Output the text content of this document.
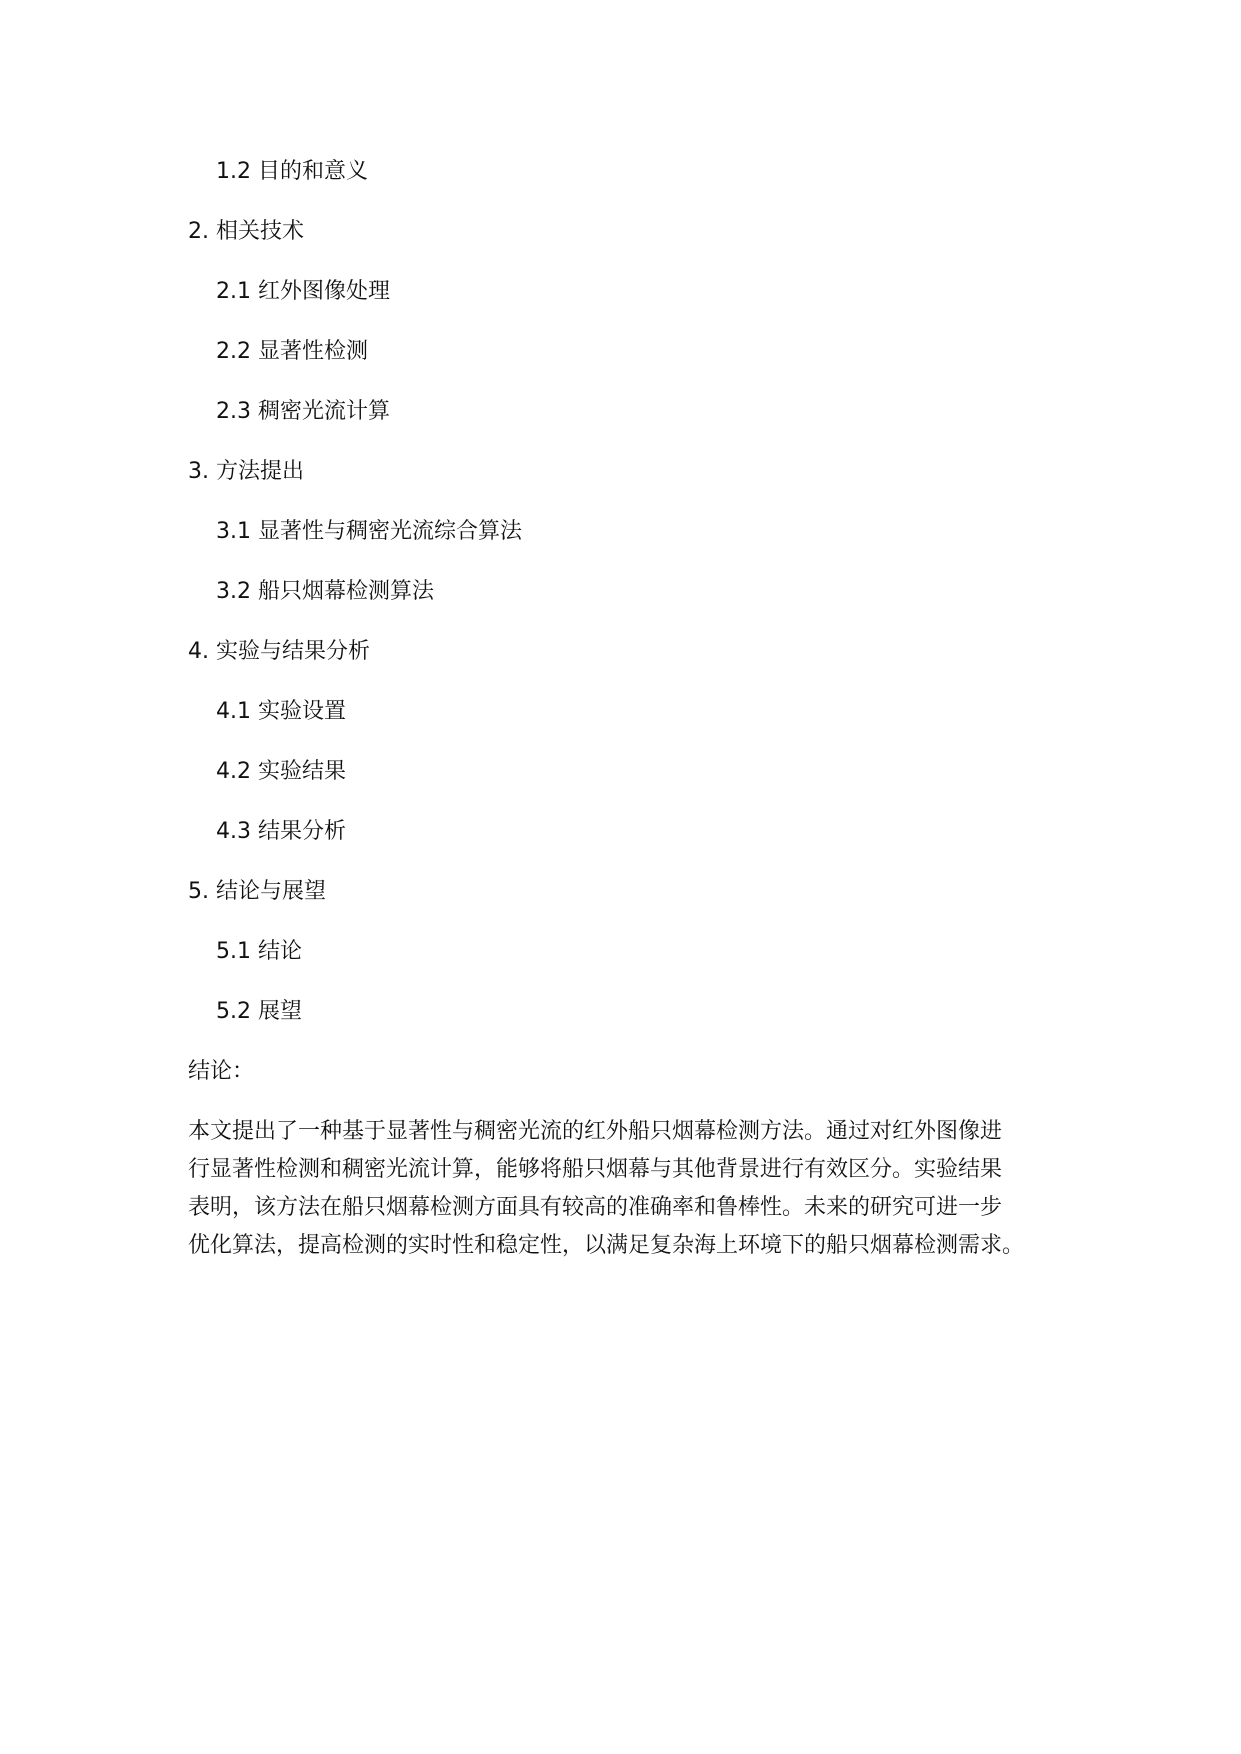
1.2 目的和意义
2. 相关技术
2.1 红外图像处理
2.2 显著性检测
2.3 稠密光流计算
3. 方法提出
3.1 显著性与稠密光流综合算法
3.2 船只烟幕检测算法
4. 实验与结果分析
4.1 实验设置
4.2 实验结果
4.3 结果分析
5. 结论与展望
5.1 结论
5.2 展望
结论：
本文提出了一种基于显著性与稠密光流的红外船只烟幕检测方法。通过对红外图像进
行显著性检测和稠密光流计算，能够将船只烟幕与其他背景进行有效区分。实验结果
表明，该方法在船只烟幕检测方面具有较高的准确率和鲁棒性。未来的研究可进一步
优化算法，提高检测的实时性和稳定性，以满足复杂海上环境下的船只烟幕检测需求。
